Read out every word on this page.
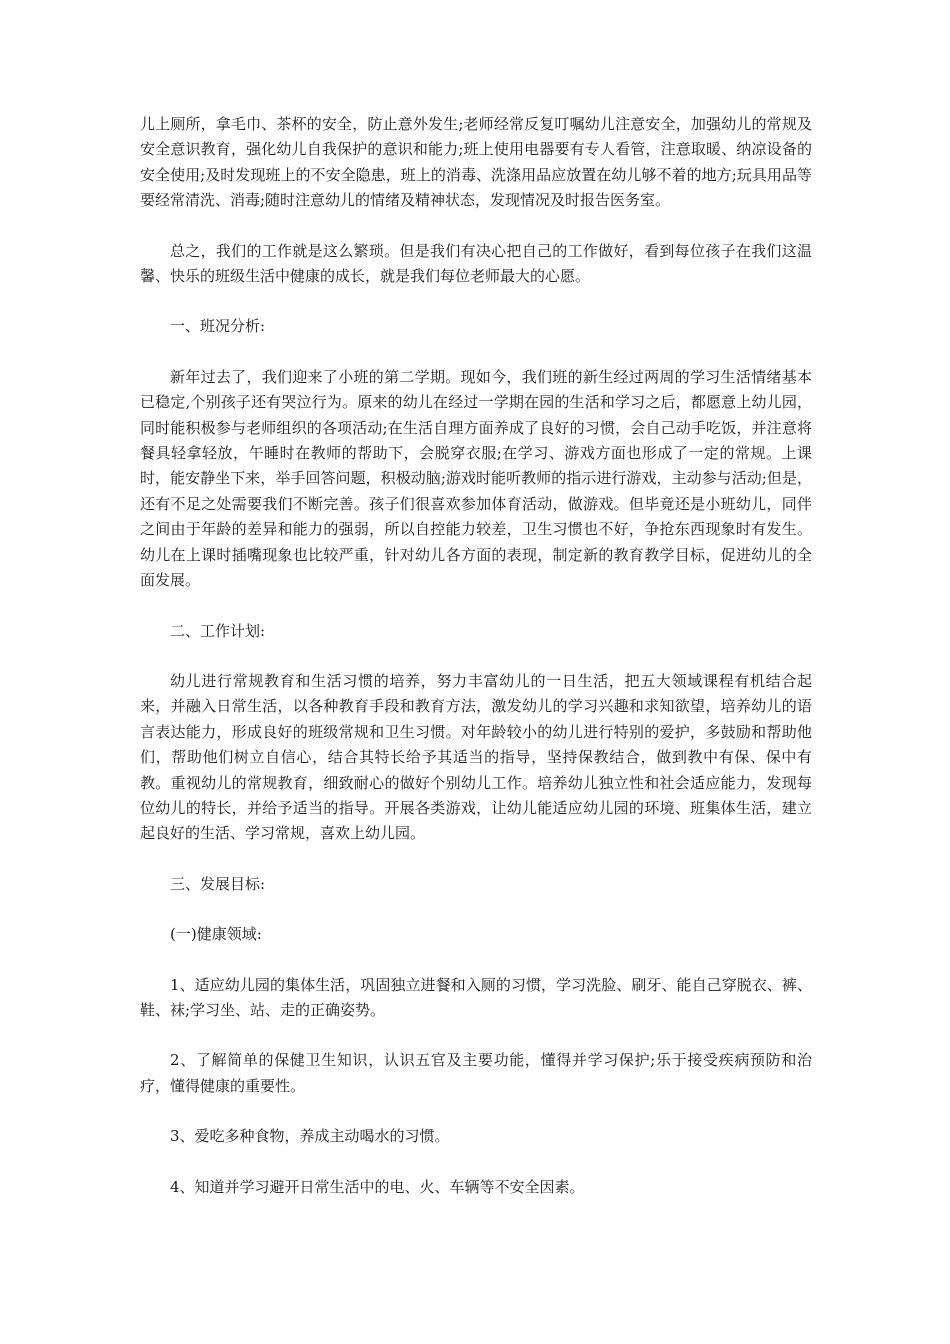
儿上厕所，拿毛巾、茶杯的安全，防止意外发生;老师经常反复叮嘱幼儿注意安全，加强幼儿的常规及安全意识教育，强化幼儿自我保护的意识和能力;班上使用电器要有专人看管，注意取暖、纳凉设备的安全使用;及时发现班上的不安全隐患，班上的消毒、洗涤用品应放置在幼儿够不着的地方;玩具用品等要经常清洗、消毒;随时注意幼儿的情绪及精神状态，发现情况及时报告医务室。

总之，我们的工作就是这么繁琐。但是我们有决心把自己的工作做好，看到每位孩子在我们这温馨、快乐的班级生活中健康的成长，就是我们每位老师最大的心愿。

一、班况分析:

新年过去了，我们迎来了小班的第二学期。现如今，我们班的新生经过两周的学习生活情绪基本已稳定,个别孩子还有哭泣行为。原来的幼儿在经过一学期在园的生活和学习之后，都愿意上幼儿园，同时能积极参与老师组织的各项活动;在生活自理方面养成了良好的习惯，会自己动手吃饭，并注意将餐具轻拿轻放，午睡时在教师的帮助下，会脱穿衣服;在学习、游戏方面也形成了一定的常规。上课时，能安静坐下来，举手回答问题，积极动脑;游戏时能听教师的指示进行游戏，主动参与活动;但是，还有不足之处需要我们不断完善。孩子们很喜欢参加体育活动，做游戏。但毕竟还是小班幼儿，同伴之间由于年龄的差异和能力的强弱，所以自控能力较差，卫生习惯也不好，争抢东西现象时有发生。幼儿在上课时插嘴现象也比较严重，针对幼儿各方面的表现，制定新的教育教学目标，促进幼儿的全面发展。

二、工作计划:

幼儿进行常规教育和生活习惯的培养，努力丰富幼儿的一日生活，把五大领域课程有机结合起来，并融入日常生活，以各种教育手段和教育方法，激发幼儿的学习兴趣和求知欲望，培养幼儿的语言表达能力，形成良好的班级常规和卫生习惯。对年龄较小的幼儿进行特别的爱护，多鼓励和帮助他们，帮助他们树立自信心，结合其特长给予其适当的指导，坚持保教结合，做到教中有保、保中有教。重视幼儿的常规教育，细致耐心的做好个别幼儿工作。培养幼儿独立性和社会适应能力，发现每位幼儿的特长，并给予适当的指导。开展各类游戏，让幼儿能适应幼儿园的环境、班集体生活，建立起良好的生活、学习常规，喜欢上幼儿园。

三、发展目标:

(一)健康领域:

1、适应幼儿园的集体生活，巩固独立进餐和入厕的习惯，学习洗脸、刷牙、能自己穿脱衣、裤、鞋、袜;学习坐、站、走的正确姿势。

2、了解简单的保健卫生知识，认识五官及主要功能，懂得并学习保护;乐于接受疾病预防和治疗，懂得健康的重要性。

3、爱吃多种食物，养成主动喝水的习惯。

4、知道并学习避开日常生活中的电、火、车辆等不安全因素。
